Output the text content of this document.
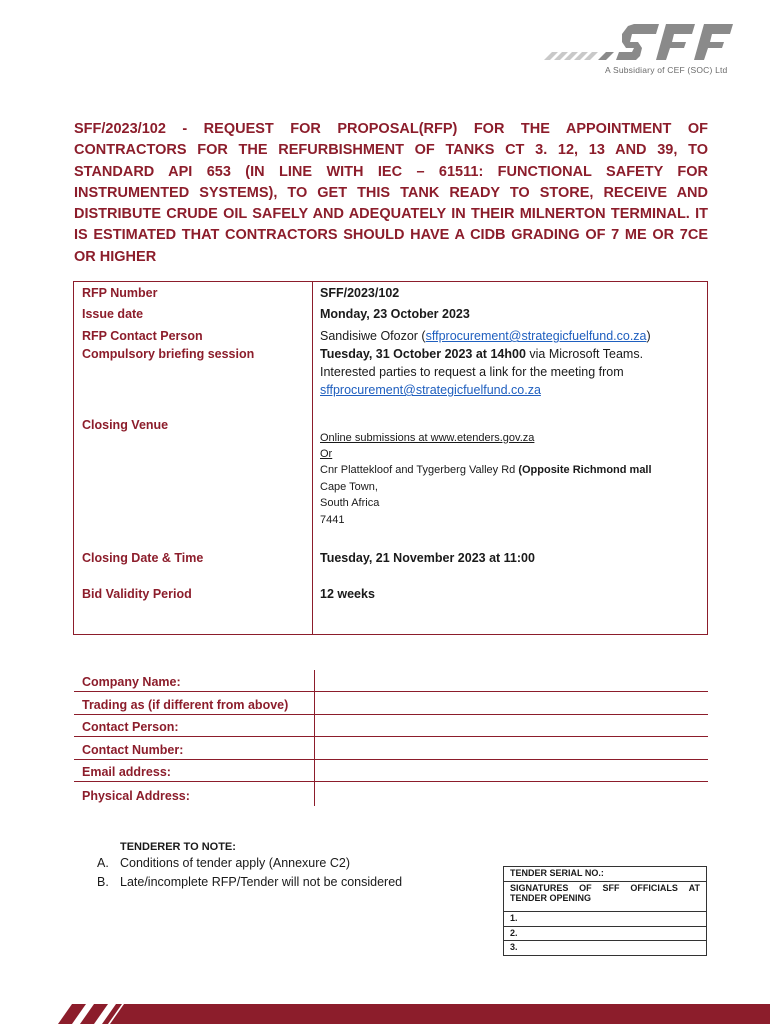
A Subsidiary of CEF (SOC) Ltd
SFF/2023/102 - REQUEST FOR PROPOSAL(RFP) FOR THE APPOINTMENT OF CONTRACTORS FOR THE REFURBISHMENT OF TANKS CT 3. 12, 13 AND 39, TO STANDARD API 653 (IN LINE WITH IEC – 61511: FUNCTIONAL SAFETY FOR INSTRUMENTED SYSTEMS), TO GET THIS TANK READY TO STORE, RECEIVE AND DISTRIBUTE CRUDE OIL SAFELY AND ADEQUATELY IN THEIR MILNERTON TERMINAL. IT IS ESTIMATED THAT CONTRACTORS SHOULD HAVE A CIDB GRADING OF 7 ME OR 7CE OR HIGHER
RFP Number	SFF/2023/102
Issue date	Monday, 23 October 2023
RFP Contact Person	Sandisiwe Ofozor (sffprocurement@strategicfuelfund.co.za)
Compulsory briefing session	Tuesday, 31 October 2023 at 14h00 via Microsoft Teams.
Interested parties to request a link for the meeting from
sffprocurement@strategicfuelfund.co.za
Closing Venue
Online submissions at www.etenders.gov.za
Or
Cnr Plattekloof and Tygerberg Valley Rd (Opposite Richmond mall
Cape Town,
South Africa
7441
Closing Date & Time	Tuesday, 21 November 2023 at 11:00
Bid Validity Period	12 weeks
Company Name:
Trading as (if different from above)
Contact Person:
Contact Number:
Email address:
Physical Address:
TENDERER TO NOTE:
A. Conditions of tender apply (Annexure C2)
B. Late/incomplete RFP/Tender will not be considered
TENDER SERIAL NO.:
SIGNATURES OF SFF OFFICIALS AT
TENDER OPENING
1.
2.
3.
